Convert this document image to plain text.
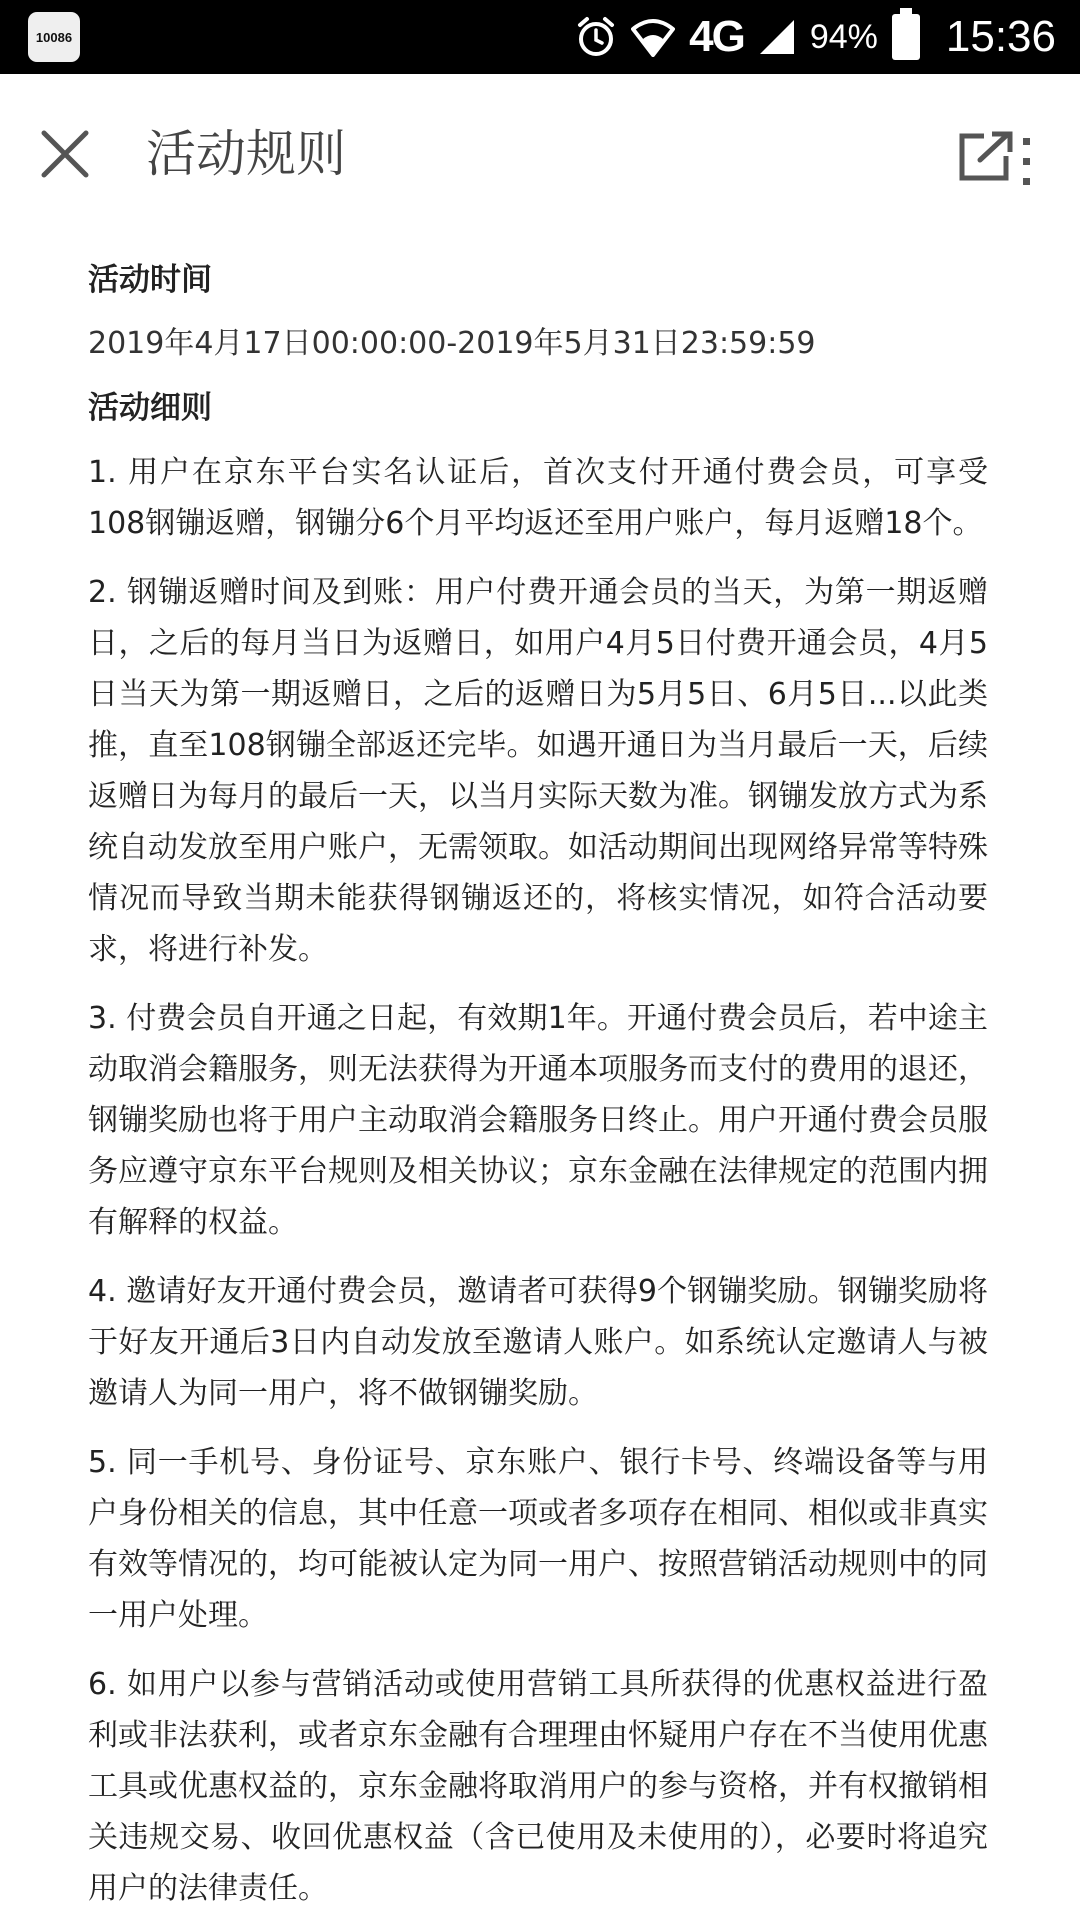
10086	4G 94% 15:36
活动规则
活动时间
2019年4月17日00:00:00-2019年5月31日23:59:59
活动细则

1. 用户在京东平台实名认证后，首次支付开通付费会员，可享受108钢镚返赠，钢镚分6个月平均返还至用户账户，每月返赠18个。

2. 钢镚返赠时间及到账：用户付费开通会员的当天，为第一期返赠日，之后的每月当日为返赠日，如用户4月5日付费开通会员，4月5日当天为第一期返赠日，之后的返赠日为5月5日、6月5日...以此类推，直至108钢镚全部返还完毕。如遇开通日为当月最后一天，后续返赠日为每月的最后一天，以当月实际天数为准。钢镚发放方式为系统自动发放至用户账户，无需领取。如活动期间出现网络异常等特殊情况而导致当期未能获得钢镚返还的，将核实情况，如符合活动要求，将进行补发。

3. 付费会员自开通之日起，有效期1年。开通付费会员后，若中途主动取消会籍服务，则无法获得为开通本项服务而支付的费用的退还，钢镚奖励也将于用户主动取消会籍服务日终止。用户开通付费会员服务应遵守京东平台规则及相关协议；京东金融在法律规定的范围内拥有解释的权益。

4. 邀请好友开通付费会员，邀请者可获得9个钢镚奖励。钢镚奖励将于好友开通后3日内自动发放至邀请人账户。如系统认定邀请人与被邀请人为同一用户，将不做钢镚奖励。

5. 同一手机号、身份证号、京东账户、银行卡号、终端设备等与用户身份相关的信息，其中任意一项或者多项存在相同、相似或非真实有效等情况的，均可能被认定为同一用户、按照营销活动规则中的同一用户处理。

6. 如用户以参与营销活动或使用营销工具所获得的优惠权益进行盈利或非法获利，或者京东金融有合理理由怀疑用户存在不当使用优惠工具或优惠权益的，京东金融将取消用户的参与资格，并有权撤销相关违规交易、收回优惠权益（含已使用及未使用的），必要时将追究用户的法律责任。
